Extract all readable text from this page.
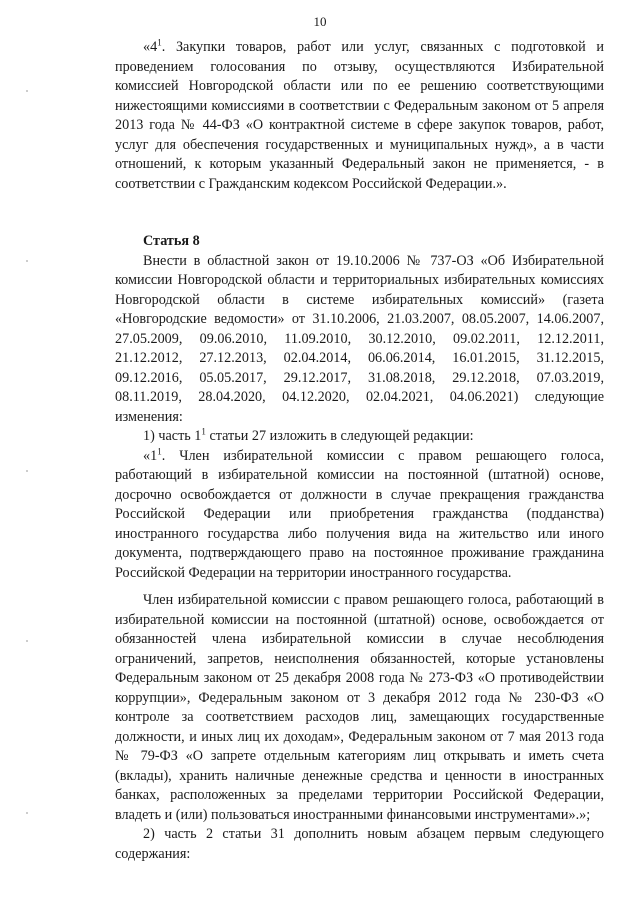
10

«$4^1$. Закупки товаров, работ или услуг, связанных с подготовкой и проведением голосования по отзыву, осуществляются Избирательной комиссией Новгородской области или по ее решению соответствующими нижестоящими комиссиями в соответствии с Федеральным законом от 5 апреля 2013 года № 44-ФЗ «О контрактной системе в сфере закупок товаров, работ, услуг для обеспечения государственных и муниципальных нужд», а в части отношений, к которым указанный Федеральный закон не применяется, - в соответствии с Гражданским кодексом Российской Федерации.».

Статья 8

Внести в областной закон от 19.10.2006 № 737-ОЗ «Об Избирательной комиссии Новгородской области и территориальных избирательных комиссиях Новгородской области в системе избирательных комиссий» (газета «Новгородские ведомости» от 31.10.2006, 21.03.2007, 08.05.2007, 14.06.2007, 27.05.2009, 09.06.2010, 11.09.2010, 30.12.2010, 09.02.2011, 12.12.2011, 21.12.2012, 27.12.2013, 02.04.2014, 06.06.2014, 16.01.2015, 31.12.2015, 09.12.2016, 05.05.2017, 29.12.2017, 31.08.2018, 29.12.2018, 07.03.2019, 08.11.2019, 28.04.2020, 04.12.2020, 02.04.2021, 04.06.2021) следующие изменения:

1) часть $1^1$ статьи 27 изложить в следующей редакции:

«$1^1$. Член избирательной комиссии с правом решающего голоса, работающий в избирательной комиссии на постоянной (штатной) основе, досрочно освобождается от должности в случае прекращения гражданства Российской Федерации или приобретения гражданства (подданства) иностранного государства либо получения вида на жительство или иного документа, подтверждающего право на постоянное проживание гражданина Российской Федерации на территории иностранного государства.

Член избирательной комиссии с правом решающего голоса, работающий в избирательной комиссии на постоянной (штатной) основе, освобождается от обязанностей члена избирательной комиссии в случае несоблюдения ограничений, запретов, неисполнения обязанностей, которые установлены Федеральным законом от 25 декабря 2008 года № 273-ФЗ «О противодействии коррупции», Федеральным законом от 3 декабря 2012 года № 230-ФЗ «О контроле за соответствием расходов лиц, замещающих государственные должности, и иных лиц их доходам», Федеральным законом от 7 мая 2013 года № 79-ФЗ «О запрете отдельным категориям лиц открывать и иметь счета (вклады), хранить наличные денежные средства и ценности в иностранных банках, расположенных за пределами территории Российской Федерации, владеть и (или) пользоваться иностранными финансовыми инструментами».»;

2) часть 2 статьи 31 дополнить новым абзацем первым следующего содержания:
